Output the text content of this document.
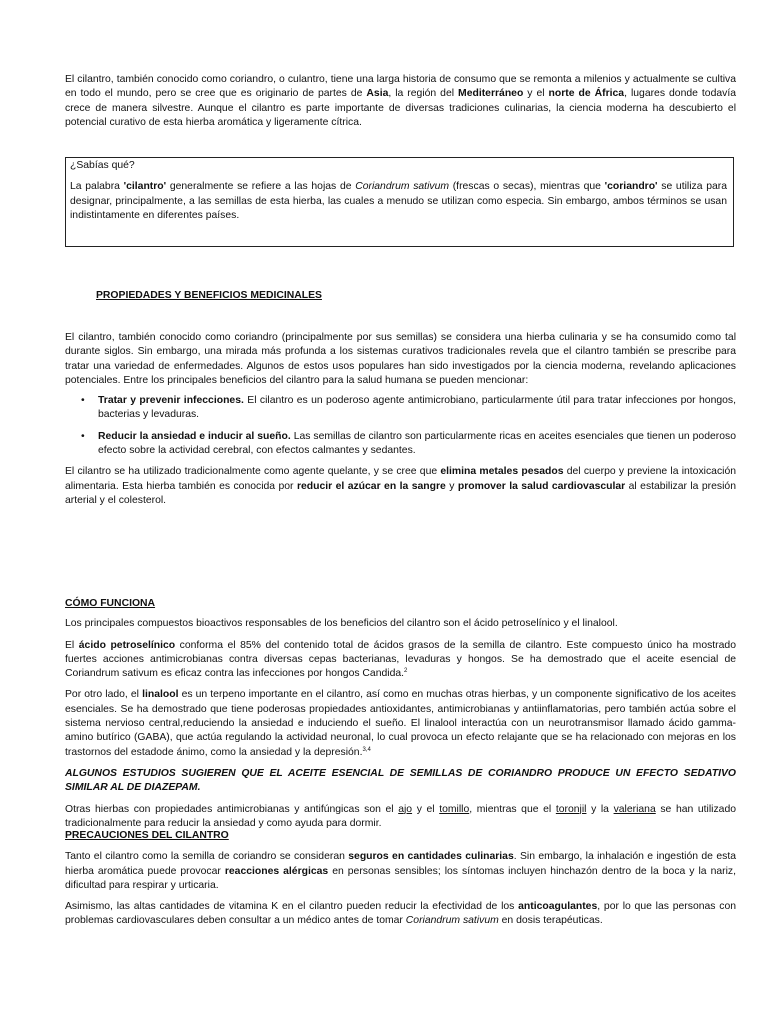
El cilantro, también conocido como coriandro, o culantro, tiene una larga historia de consumo que se remonta a milenios y actualmente se cultiva en todo el mundo, pero se cree que es originario de partes de Asia, la región del Mediterráneo y el norte de África, lugares donde todavía crece de manera silvestre. Aunque el cilantro es parte importante de diversas tradiciones culinarias, la ciencia moderna ha descubierto el potencial curativo de esta hierba aromática y ligeramente cítrica.

¿Sabías qué?

La palabra 'cilantro' generalmente se refiere a las hojas de Coriandrum sativum (frescas o secas), mientras que 'coriandro' se utiliza para designar, principalmente, a las semillas de esta hierba, las cuales a menudo se utilizan como especia. Sin embargo, ambos términos se usan indistintamente en diferentes países.

PROPIEDADES Y BENEFICIOS MEDICINALES

El cilantro, también conocido como coriandro (principalmente por sus semillas) se considera una hierba culinaria y se ha consumido como tal durante siglos. Sin embargo, una mirada más profunda a los sistemas curativos tradicionales revela que el cilantro también se prescribe para tratar una variedad de enfermedades. Algunos de estos usos populares han sido investigados por la ciencia moderna, revelando aplicaciones potenciales. Entre los principales beneficios del cilantro para la salud humana se pueden mencionar:

• Tratar y prevenir infecciones. El cilantro es un poderoso agente antimicrobiano, particularmente útil para tratar infecciones por hongos, bacterias y levaduras.
• Reducir la ansiedad e inducir al sueño. Las semillas de cilantro son particularmente ricas en aceites esenciales que tienen un poderoso efecto sobre la actividad cerebral, con efectos calmantes y sedantes.

El cilantro se ha utilizado tradicionalmente como agente quelante, y se cree que elimina metales pesados del cuerpo y previene la intoxicación alimentaria. Esta hierba también es conocida por reducir el azúcar en la sangre y promover la salud cardiovascular al estabilizar la presión arterial y el colesterol.

CÓMO FUNCIONA

Los principales compuestos bioactivos responsables de los beneficios del cilantro son el ácido petroselínico y el linalool.

El ácido petroselínico conforma el 85% del contenido total de ácidos grasos de la semilla de cilantro. Este compuesto único ha mostrado fuertes acciones antimicrobianas contra diversas cepas bacterianas, levaduras y hongos. Se ha demostrado que el aceite esencial de Coriandrum sativum es eficaz contra las infecciones por hongos Candida.$^2$

Por otro lado, el linalool es un terpeno importante en el cilantro, así como en muchas otras hierbas, y un componente significativo de los aceites esenciales. Se ha demostrado que tiene poderosas propiedades antioxidantes, antimicrobianas y antiinflamatorias, pero también actúa sobre el sistema nervioso central,reduciendo la ansiedad e induciendo el sueño. El linalool interactúa con un neurotransmisor llamado ácido gamma-amino butírico (GABA), que actúa regulando la actividad neuronal, lo cual provoca un efecto relajante que se ha relacionado con mejoras en los trastornos del estadode ánimo, como la ansiedad y la depresión.$^{3,4}$

ALGUNOS ESTUDIOS SUGIEREN QUE EL ACEITE ESENCIAL DE SEMILLAS DE CORIANDRO PRODUCE UN EFECTO SEDATIVO SIMILAR AL DE DIAZEPAM.

Otras hierbas con propiedades antimicrobianas y antifúngicas son el ajo y el tomillo, mientras que el toronjil y la valeriana se han utilizado tradicionalmente para reducir la ansiedad y como ayuda para dormir.

PRECAUCIONES DEL CILANTRO

Tanto el cilantro como la semilla de coriandro se consideran seguros en cantidades culinarias. Sin embargo, la inhalación e ingestión de esta hierba aromática puede provocar reacciones alérgicas en personas sensibles; los síntomas incluyen hinchazón dentro de la boca y la nariz, dificultad para respirar y urticaria.

Asimismo, las altas cantidades de vitamina K en el cilantro pueden reducir la efectividad de los anticoagulantes, por lo que las personas con problemas cardiovasculares deben consultar a un médico antes de tomar Coriandrum sativum en dosis terapéuticas.
